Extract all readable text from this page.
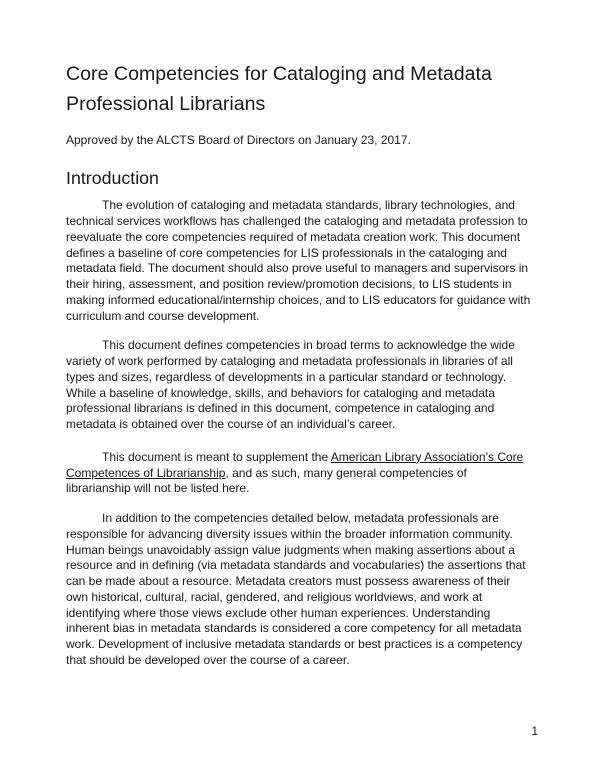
Core Competencies for Cataloging and Metadata Professional Librarians

Approved by the ALCTS Board of Directors on January 23, 2017.

Introduction

The evolution of cataloging and metadata standards, library technologies, and technical services workflows has challenged the cataloging and metadata profession to reevaluate the core competencies required of metadata creation work. This document defines a baseline of core competencies for LIS professionals in the cataloging and metadata field. The document should also prove useful to managers and supervisors in their hiring, assessment, and position review/promotion decisions, to LIS students in making informed educational/internship choices, and to LIS educators for guidance with curriculum and course development.

This document defines competencies in broad terms to acknowledge the wide variety of work performed by cataloging and metadata professionals in libraries of all types and sizes, regardless of developments in a particular standard or technology. While a baseline of knowledge, skills, and behaviors for cataloging and metadata professional librarians is defined in this document, competence in cataloging and metadata is obtained over the course of an individual’s career.

This document is meant to supplement the American Library Association’s Core Competences of Librarianship, and as such, many general competencies of librarianship will not be listed here.

In addition to the competencies detailed below, metadata professionals are responsible for advancing diversity issues within the broader information community. Human beings unavoidably assign value judgments when making assertions about a resource and in defining (via metadata standards and vocabularies) the assertions that can be made about a resource. Metadata creators must possess awareness of their own historical, cultural, racial, gendered, and religious worldviews, and work at identifying where those views exclude other human experiences. Understanding inherent bias in metadata standards is considered a core competency for all metadata work. Development of inclusive metadata standards or best practices is a competency that should be developed over the course of a career.

1
